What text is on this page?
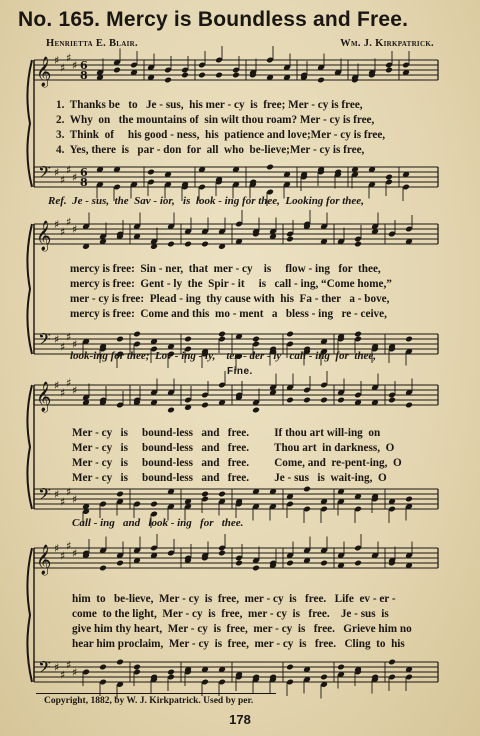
No. 165. Mercy is Boundless and Free.
Henrietta E. Blair.	Wm. J. Kirkpatrick.
𝄞
𝄢
♯
♯
♯
♯
♯
♯
♯
♯
6
8
6
8
𝄞
𝄢
♯
♯
♯
♯
♯
♯
♯
♯
𝄞
𝄢
♯
♯
♯
♯
♯
♯
♯
♯
𝄞
𝄢
♯
♯
♯
♯
♯
♯
♯
♯
1.  Thanks be   to   Je - sus,  his mer - cy  is  free; Mer - cy is free,
2.  Why  on   the mountains of  sin wilt thou roam? Mer - cy is free,
3.  Think  of     his good - ness,  his  patience and love;Mer - cy is free,
4.  Yes, there  is   par - don  for  all  who  be-lieve;Mer - cy is free,
Ref.  Je - sus,  the  Sav - ior,   is  look - ing for thee,  Looking for thee,
mercy is free:  Sin - ner,  that  mer - cy    is     flow - ing   for  thee,
mercy is free:  Gent - ly  the  Spir - it     is   call - ing, “Come home,”
mer - cy is free:  Plead - ing  thy cause with  his  Fa - ther   a - bove,
mercy is free:  Come and this  mo - ment   a   bless - ing   re - ceive,
look-ing for thee;  Lov - ing - ly,    ten - der - ly   call - ing  for  thee,
Fine.
Mer - cy   is     bound-less   and   free.         If thou art will-ing  on
Mer - cy   is     bound-less   and   free.         Thou art  in darkness,  O
Mer - cy   is     bound-less   and   free.         Come, and  re-pent-ing,  O
Mer - cy   is     bound-less   and   free.         Je - sus   is  wait-ing,  O
Call - ing   and   look - ing   for   thee.
him  to   be-lieve,  Mer - cy  is  free,  mer - cy  is   free.   Life  ev - er -
come  to the light,  Mer - cy  is  free,  mer - cy  is   free.    Je - sus  is
give him thy heart,  Mer - cy  is  free,  mer - cy  is   free.   Grieve him no
hear him proclaim,  Mer - cy  is  free,  mer - cy  is   free.   Cling  to  his
Copyright, 1882, by W. J. Kirkpatrick. Used by per.
178
